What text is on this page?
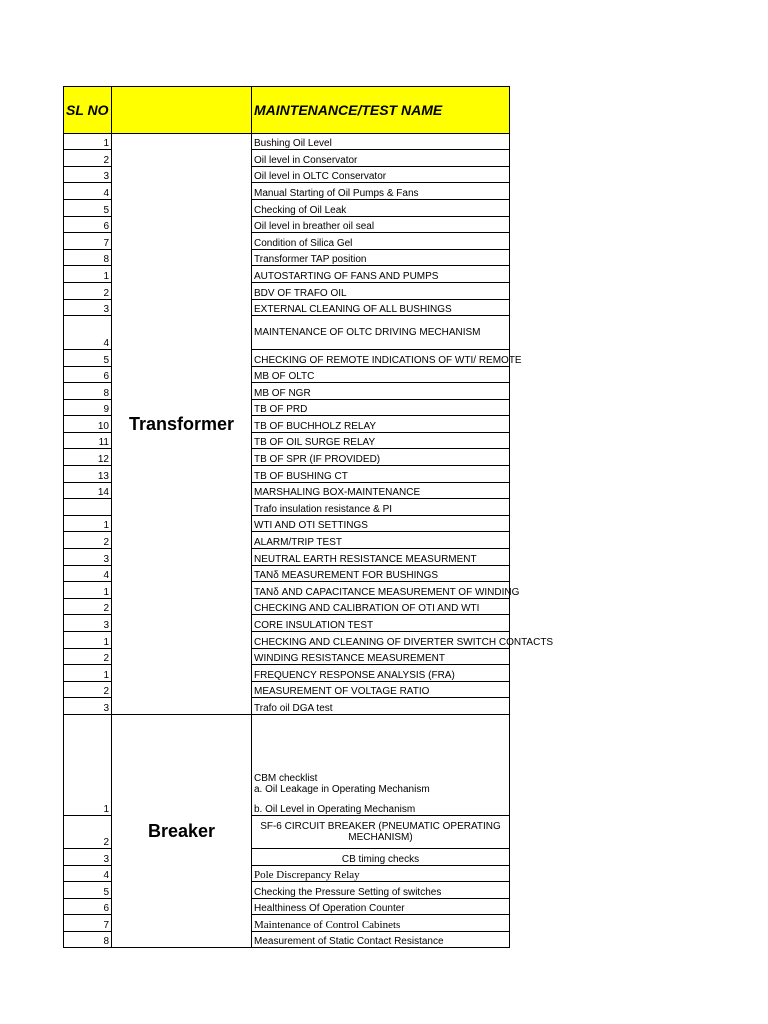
SL NO		MAINTENANCE/TEST NAME
1	Transformer	Bushing Oil Level
2		Oil level in Conservator
3		Oil level in OLTC Conservator
4		Manual Starting of Oil Pumps & Fans
5		Checking of Oil Leak
6		Oil level in breather oil seal
7		Condition of Silica Gel
8		Transformer TAP position
1		AUTOSTARTING OF FANS AND PUMPS
2		BDV OF TRAFO OIL
3		EXTERNAL CLEANING OF ALL BUSHINGS
4		MAINTENANCE OF OLTC DRIVING MECHANISM
5		CHECKING OF REMOTE INDICATIONS OF WTI/ REMOTE
6		MB OF OLTC
8		MB OF NGR
9		TB OF PRD
10		TB OF BUCHHOLZ RELAY
11		TB OF OIL SURGE RELAY
12		TB OF SPR (IF PROVIDED)
13		TB OF BUSHING CT
14		MARSHALING BOX-MAINTENANCE
		Trafo insulation resistance & PI
1		WTI AND OTI SETTINGS
2		ALARM/TRIP TEST
3		NEUTRAL EARTH RESISTANCE MEASURMENT
4		TANδ MEASUREMENT FOR BUSHINGS
1		TANδ AND CAPACITANCE MEASUREMENT OF WINDING
2		CHECKING AND CALIBRATION OF OTI AND WTI
3		CORE INSULATION TEST
1		CHECKING AND CLEANING OF DIVERTER SWITCH CONTACTS
2		WINDING RESISTANCE MEASUREMENT
1		FREQUENCY RESPONSE ANALYSIS (FRA)
2		MEASUREMENT OF VOLTAGE RATIO
3		Trafo oil DGA test
1	Breaker	CBM checklist
a. Oil Leakage in Operating Mechanism
b. Oil Level in Operating Mechanism

2		SF-6 CIRCUIT BREAKER (PNEUMATIC OPERATING MECHANISM)
3		CB timing checks
4		Pole Discrepancy Relay
5		Checking the Pressure Setting of switches
6		Healthiness Of Operation Counter
7		Maintenance of Control Cabinets
8		Measurement of Static Contact Resistance
